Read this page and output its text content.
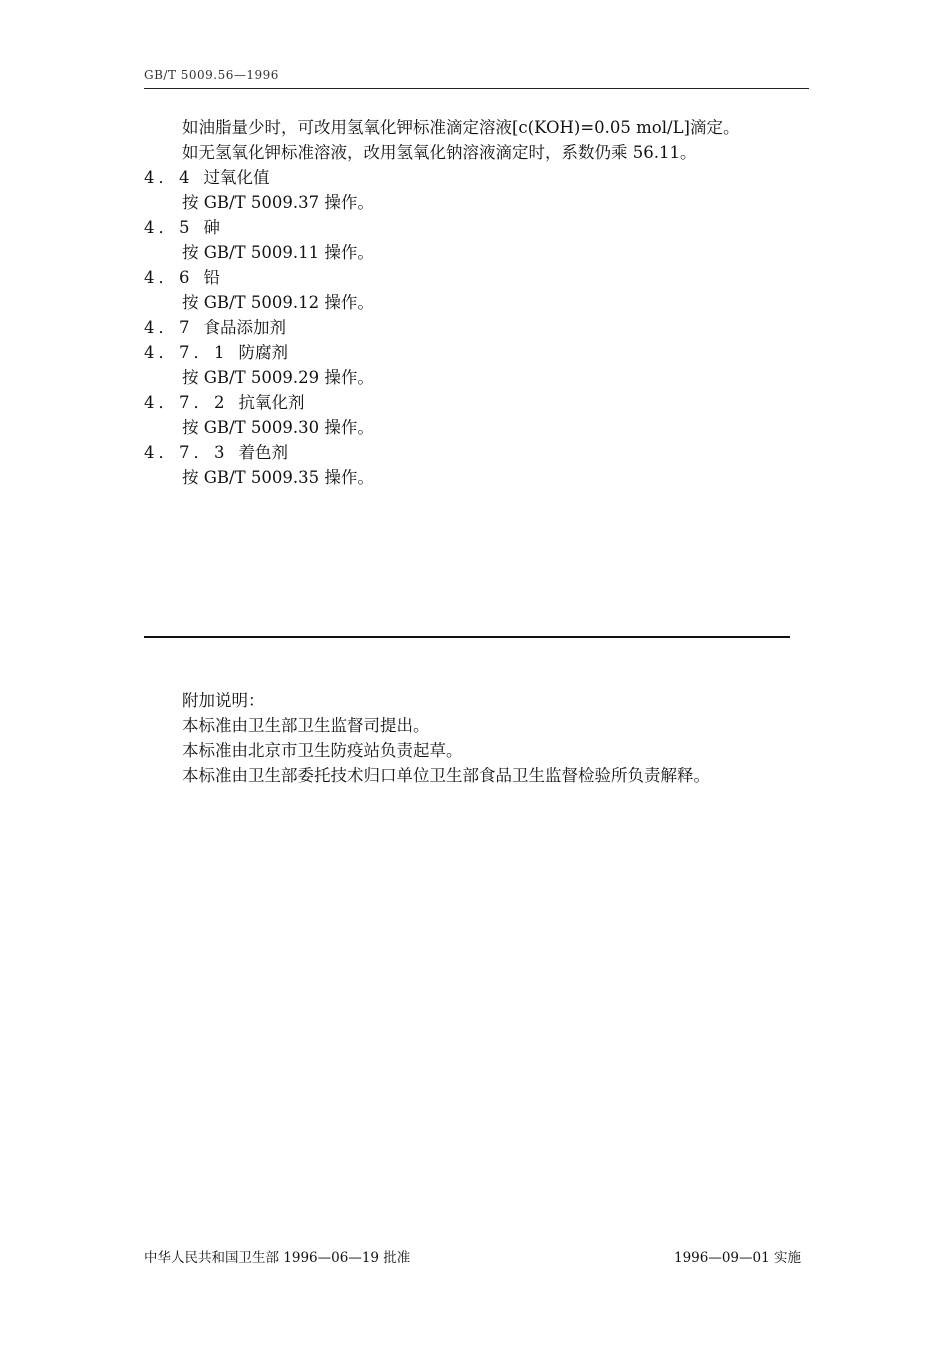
GB/T 5009.56—1996
如油脂量少时，可改用氢氧化钾标准滴定溶液[c(KOH)=0.05 mol/L]滴定。
如无氢氧化钾标准溶液，改用氢氧化钠溶液滴定时，系数仍乘 56.11。
4．4 过氧化值
按 GB/T 5009.37 操作。
4．5 砷
按 GB/T 5009.11 操作。
4．6 铅
按 GB/T 5009.12 操作。
4．7 食品添加剂
4．7．1 防腐剂
按 GB/T 5009.29 操作。
4．7．2 抗氧化剂
按 GB/T 5009.30 操作。
4．7．3 着色剂
按 GB/T 5009.35 操作。
附加说明：
本标准由卫生部卫生监督司提出。
本标准由北京市卫生防疫站负责起草。
本标准由卫生部委托技术归口单位卫生部食品卫生监督检验所负责解释。
中华人民共和国卫生部 1996—06—19 批准	1996—09—01 实施
